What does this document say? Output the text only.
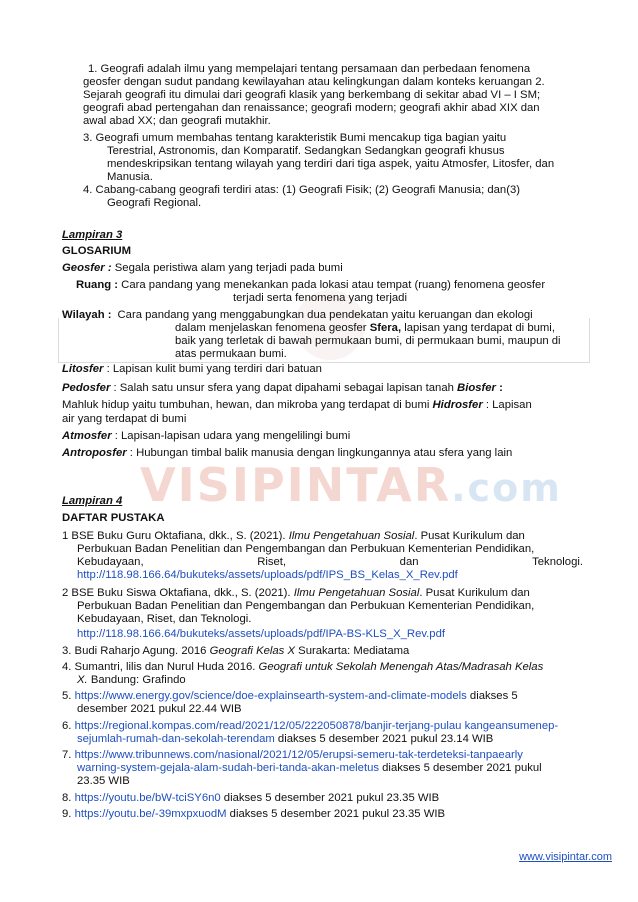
VISIPINTAR.com
1. Geografi adalah ilmu yang mempelajari tentang persamaan dan perbedaan fenomena
geosfer dengan sudut pandang kewilayahan atau kelingkungan dalam konteks keruangan 2.
Sejarah geografi itu dimulai dari geografi klasik yang berkembang di sekitar abad VI – I SM;
geografi abad pertengahan dan renaissance; geografi modern; geografi akhir abad XIX dan
awal abad XX; dan geografi mutakhir.
3. Geografi umum membahas tentang karakteristik Bumi mencakup tiga bagian yaitu
Terestrial, Astronomis, dan Komparatif. Sedangkan Sedangkan geografi khusus
mendeskripsikan tentang wilayah yang terdiri dari tiga aspek, yaitu Atmosfer, Litosfer, dan
Manusia.
4. Cabang-cabang geografi terdiri atas: (1) Geografi Fisik; (2) Geografi Manusia; dan(3)
Geografi Regional.
Lampiran 3
GLOSARIUM
Geosfer : Segala peristiwa alam yang terjadi pada bumi
Ruang : Cara pandang yang menekankan pada lokasi atau tempat (ruang) fenomena geosfer
terjadi serta fenomena yang terjadi
Wilayah : Cara pandang yang menggabungkan dua pendekatan yaitu keruangan dan ekologi
dalam menjelaskan fenomena geosfer Sfera, lapisan yang terdapat di bumi,
baik yang terletak di bawah permukaan bumi, di permukaan bumi, maupun di
atas permukaan bumi.
Litosfer : Lapisan kulit bumi yang terdiri dari batuan
Pedosfer : Salah satu unsur sfera yang dapat dipahami sebagai lapisan tanah Biosfer :
Mahluk hidup yaitu tumbuhan, hewan, dan mikroba yang terdapat di bumi Hidrosfer : Lapisan
air yang terdapat di bumi
Atmosfer : Lapisan-lapisan udara yang mengelilingi bumi
Antroposfer : Hubungan timbal balik manusia dengan lingkungannya atau sfera yang lain
Lampiran 4
DAFTAR PUSTAKA
1 BSE Buku Guru Oktafiana, dkk., S. (2021). Ilmu Pengetahuan Sosial. Pusat Kurikulum dan
Perbukuan Badan Penelitian dan Pengembangan dan Perbukuan Kementerian Pendidikan,
Kebudayaan,	Riset,	dan	Teknologi.
http://118.98.166.64/bukuteks/assets/uploads/pdf/IPS_BS_Kelas_X_Rev.pdf
2 BSE Buku Siswa Oktafiana, dkk., S. (2021). Ilmu Pengetahuan Sosial. Pusat Kurikulum dan
Perbukuan Badan Penelitian dan Pengembangan dan Perbukuan Kementerian Pendidikan,
Kebudayaan, Riset, dan Teknologi.
http://118.98.166.64/bukuteks/assets/uploads/pdf/IPA-BS-KLS_X_Rev.pdf
3. Budi Raharjo Agung. 2016 Geografi Kelas X Surakarta: Mediatama
4. Sumantri, lilis dan Nurul Huda 2016. Geografi untuk Sekolah Menengah Atas/Madrasah Kelas
X. Bandung: Grafindo
5. https://www.energy.gov/science/doe-explainsearth-system-and-climate-models diakses 5
desember 2021 pukul 22.44 WIB
6. https://regional.kompas.com/read/2021/12/05/222050878/banjir-terjang-pulau kangeansumenep-
sejumlah-rumah-dan-sekolah-terendam diakses 5 desember 2021 pukul 23.14 WIB
7. https://www.tribunnews.com/nasional/2021/12/05/erupsi-semeru-tak-terdeteksi-tanpaearly
warning-system-gejala-alam-sudah-beri-tanda-akan-meletus diakses 5 desember 2021 pukul
23.35 WIB
8. https://youtu.be/bW-tciSY6n0 diakses 5 desember 2021 pukul 23.35 WIB
9. https://youtu.be/-39mxpxuodM diakses 5 desember 2021 pukul 23.35 WIB
www.visipintar.com
